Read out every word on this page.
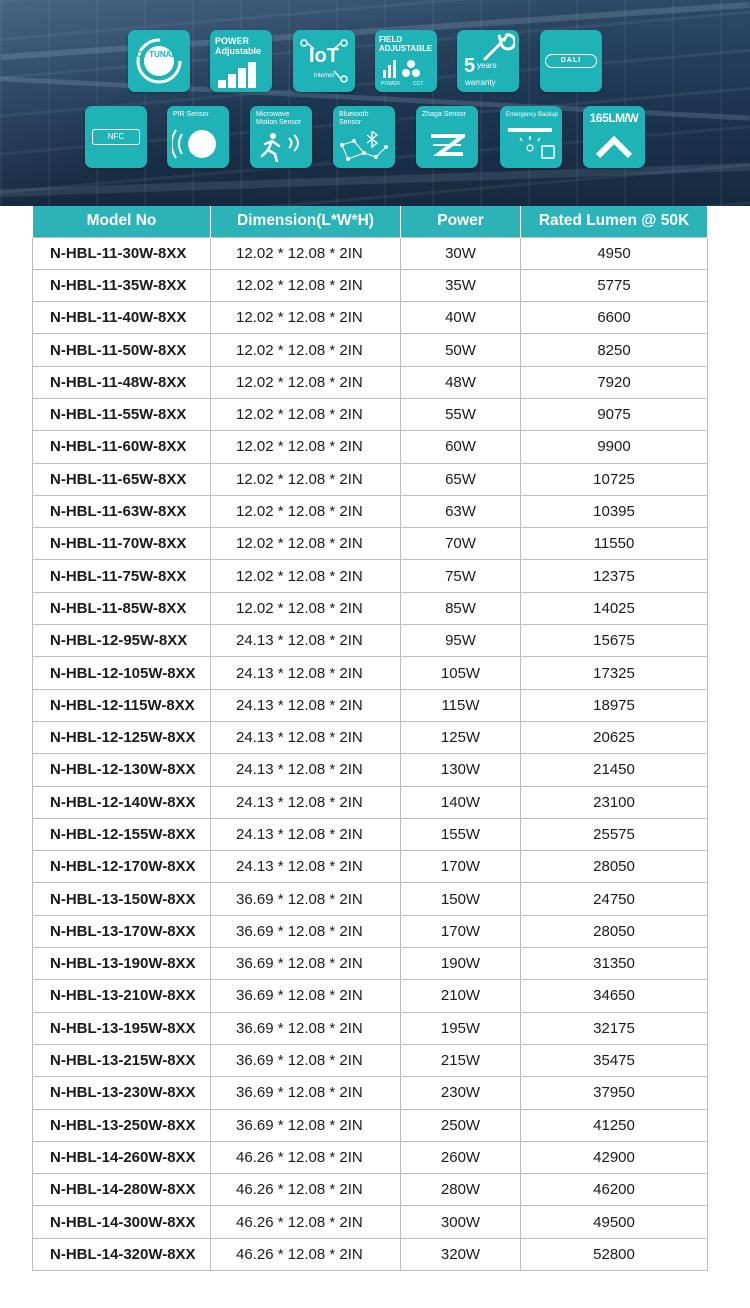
CCT TUNABLE
POWER Adjustable	IoT
Internet
FIELD ADJUSTABLE
POWER	CCT
5 years
warranty
DALI
NFC
PIR Sensor	Microwave Motion Sensor
Bluetooth Sensor
Zhaga Sensor	Emergency Backup	165LM/W
Model No	Dimension(L*W*H)	Power	Rated Lumen @ 50K
N-HBL-11-30W-8XX	12.02 * 12.08 * 2IN	30W	4950
N-HBL-11-35W-8XX	12.02 * 12.08 * 2IN	35W	5775
N-HBL-11-40W-8XX	12.02 * 12.08 * 2IN	40W	6600
N-HBL-11-50W-8XX	12.02 * 12.08 * 2IN	50W	8250
N-HBL-11-48W-8XX	12.02 * 12.08 * 2IN	48W	7920
N-HBL-11-55W-8XX	12.02 * 12.08 * 2IN	55W	9075
N-HBL-11-60W-8XX	12.02 * 12.08 * 2IN	60W	9900
N-HBL-11-65W-8XX	12.02 * 12.08 * 2IN	65W	10725
N-HBL-11-63W-8XX	12.02 * 12.08 * 2IN	63W	10395
N-HBL-11-70W-8XX	12.02 * 12.08 * 2IN	70W	11550
N-HBL-11-75W-8XX	12.02 * 12.08 * 2IN	75W	12375
N-HBL-11-85W-8XX	12.02 * 12.08 * 2IN	85W	14025
N-HBL-12-95W-8XX	24.13 * 12.08 * 2IN	95W	15675
N-HBL-12-105W-8XX	24.13 * 12.08 * 2IN	105W	17325
N-HBL-12-115W-8XX	24.13 * 12.08 * 2IN	115W	18975
N-HBL-12-125W-8XX	24.13 * 12.08 * 2IN	125W	20625
N-HBL-12-130W-8XX	24.13 * 12.08 * 2IN	130W	21450
N-HBL-12-140W-8XX	24.13 * 12.08 * 2IN	140W	23100
N-HBL-12-155W-8XX	24.13 * 12.08 * 2IN	155W	25575
N-HBL-12-170W-8XX	24.13 * 12.08 * 2IN	170W	28050
N-HBL-13-150W-8XX	36.69 * 12.08 * 2IN	150W	24750
N-HBL-13-170W-8XX	36.69 * 12.08 * 2IN	170W	28050
N-HBL-13-190W-8XX	36.69 * 12.08 * 2IN	190W	31350
N-HBL-13-210W-8XX	36.69 * 12.08 * 2IN	210W	34650
N-HBL-13-195W-8XX	36.69 * 12.08 * 2IN	195W	32175
N-HBL-13-215W-8XX	36.69 * 12.08 * 2IN	215W	35475
N-HBL-13-230W-8XX	36.69 * 12.08 * 2IN	230W	37950
N-HBL-13-250W-8XX	36.69 * 12.08 * 2IN	250W	41250
N-HBL-14-260W-8XX	46.26 * 12.08 * 2IN	260W	42900
N-HBL-14-280W-8XX	46.26 * 12.08 * 2IN	280W	46200
N-HBL-14-300W-8XX	46.26 * 12.08 * 2IN	300W	49500
N-HBL-14-320W-8XX	46.26 * 12.08 * 2IN	320W	52800
